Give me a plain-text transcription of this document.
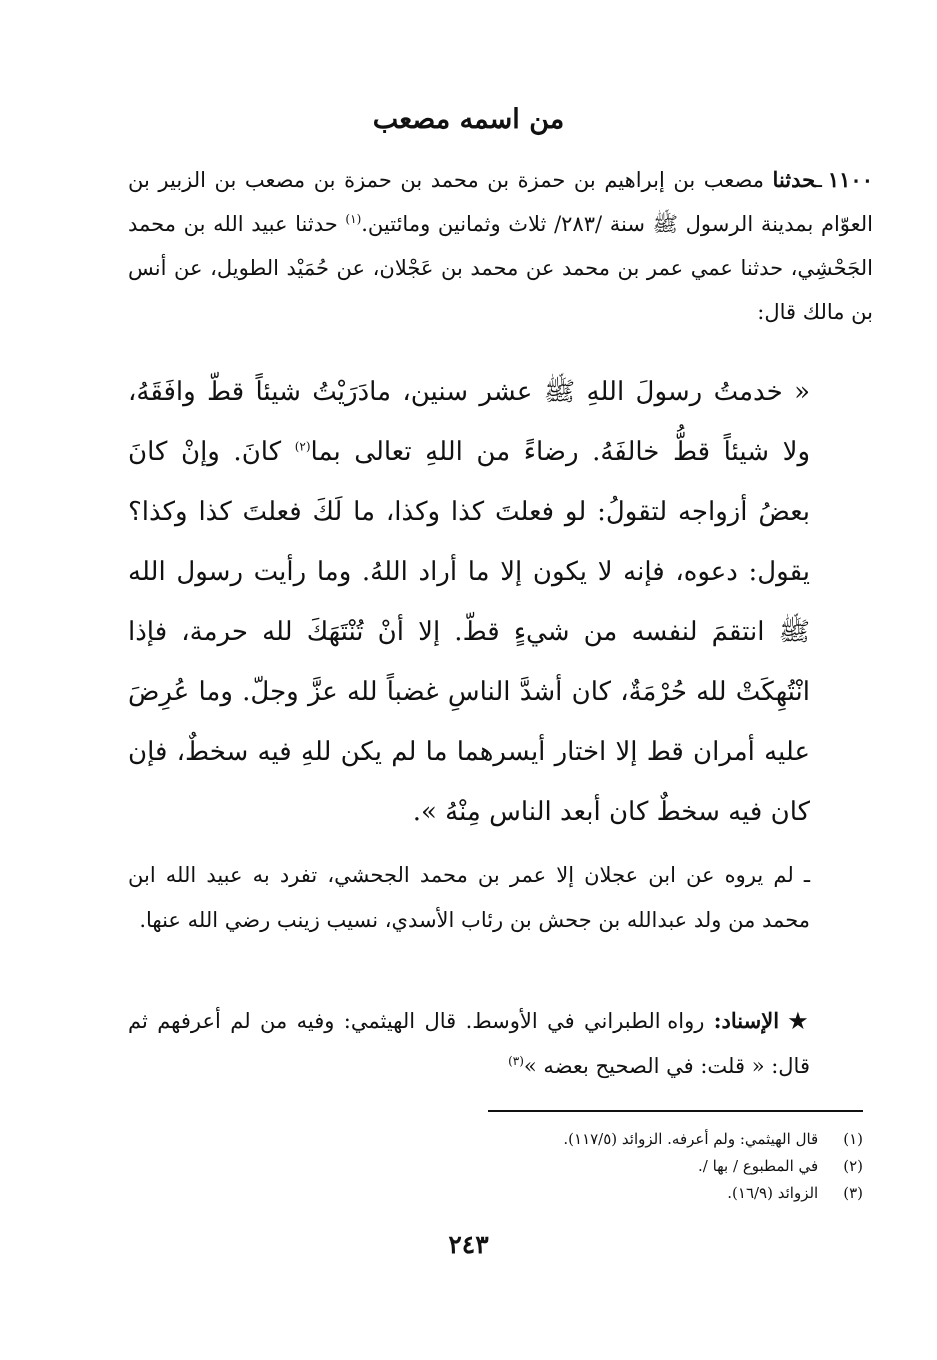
من اسمه مصعب
١١٠٠ـحدثنا مصعب بن إبراهيم بن حمزة بن محمد بن حمزة بن مصعب بن الزبير بن العوّام بمدينة الرسول ﷺ سنة /٢٨٣/ ثلاث وثمانين ومائتين.$^{(١)}$ حدثنا عبيد الله بن محمد الجَحْشِي، حدثنا عمي عمر بن محمد عن محمد بن عَجْلان، عن حُمَيْد الطويل، عن أنس بن مالك قال:
« خدمتُ رسولَ اللهِ ﷺ عشر سنين، مادَرَيْتُ شيئاً قطّ وافَقَهُ، ولا شيئاً قطُّ خالفَهُ. رضاءً من اللهِ تعالى بما$^{(٢)}$ كانَ. وإنْ كانَ بعضُ أزواجه لتقولُ: لو فعلتَ كذا وكذا، ما لَكَ فعلتَ كذا وكذا؟ يقول: دعوه، فإنه لا يكون إلا ما أراد اللهُ. وما رأيت رسول الله ﷺ انتقمَ لنفسه من شيءٍ قطّ. إلا أنْ تُنْتَهَكَ لله حرمة، فإذا انْتُهِكَتْ لله حُرْمَةٌ، كان أشدَّ الناسِ غضباً لله عزَّ وجلّ. وما عُرِضَ عليه أمران قط إلا اختار أيسرهما ما لم يكن للهِ فيه سخطٌ، فإن كان فيه سخطٌ كان أبعد الناس مِنْهُ ».
ـ لم يروه عن ابن عجلان إلا عمر بن محمد الجحشي، تفرد به عبيد الله ابن محمد من ولد عبدالله بن جحش بن رئاب الأسدي، نسيب زينب رضي الله عنها.
★ الإسناد: رواه الطبراني في الأوسط. قال الهيثمي: وفيه من لم أعرفهم ثم قال: « قلت: في الصحيح بعضه »$^{(٣)}$
(١) قال الهيثمي: ولم أعرفه. الزوائد (١١٧/٥).
(٢) في المطبوع / بها /.
(٣) الزوائد (١٦/٩).
٢٤٣
